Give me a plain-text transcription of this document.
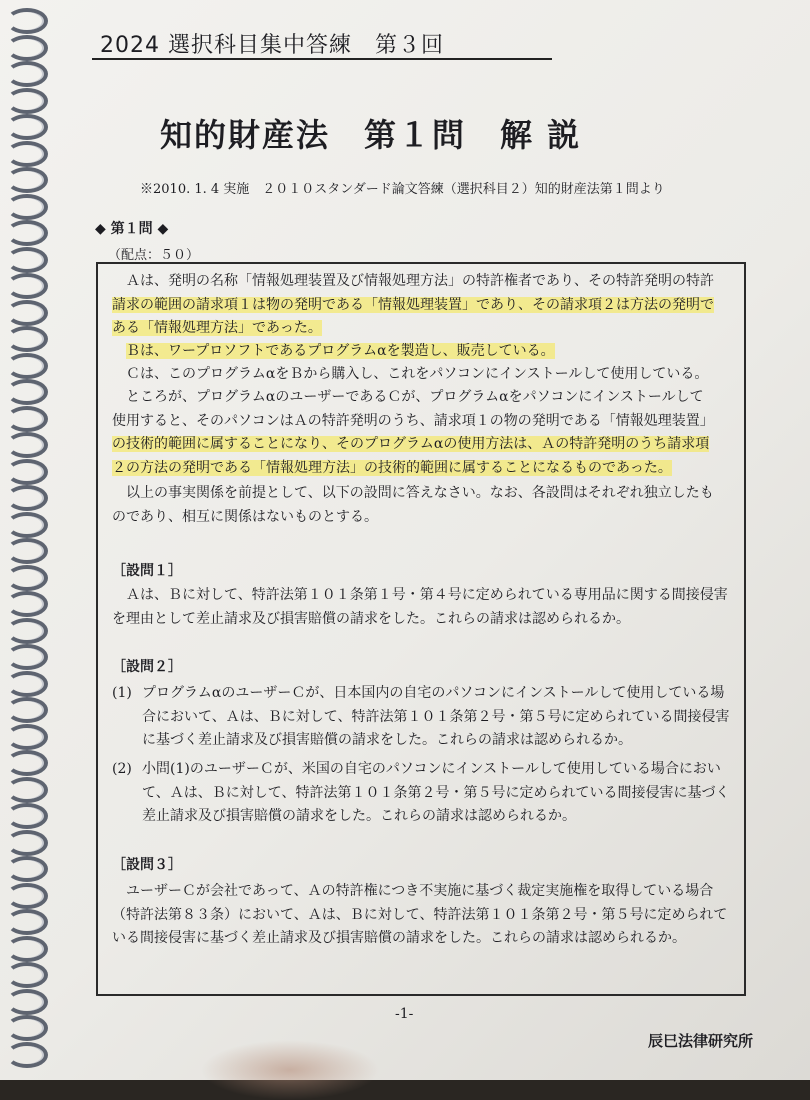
2024 選択科目集中答練　第３回
知的財産法　第１問　解 説
※2010. 1. 4 実施　２０１０スタンダード論文答練（選択科目２）知的財産法第１問より
◆ 第１問 ◆
（配点：５０）

Ａは、発明の名称「情報処理装置及び情報処理方法」の特許権者であり、その特許発明の特許
請求の範囲の請求項１は物の発明である「情報処理装置」であり、その請求項２は方法の発明で
ある「情報処理方法」であった。

Ｂは、ワープロソフトであるプログラムαを製造し、販売している。

Ｃは、このプログラムαをＢから購入し、これをパソコンにインストールして使用している。

ところが、プログラムαのユーザーであるＣが、プログラムαをパソコンにインストールして
使用すると、そのパソコンはＡの特許発明のうち、請求項１の物の発明である「情報処理装置」
の技術的範囲に属することになり、そのプログラムαの使用方法は、Ａの特許発明のうち請求項
２の方法の発明である「情報処理方法」の技術的範囲に属することになるものであった。

以上の事実関係を前提として、以下の設問に答えなさい。なお、各設問はそれぞれ独立したも
のであり、相互に関係はないものとする。

［設問１］

Ａは、Ｂに対して、特許法第１０１条第１号・第４号に定められている専用品に関する間接侵害を理由として差止請求及び損害賠償の請求をした。これらの請求は認められるか。

［設問２］
(1) プログラムαのユーザーＣが、日本国内の自宅のパソコンにインストールして使用している場合において、Ａは、Ｂに対して、特許法第１０１条第２号・第５号に定められている間接侵害に基づく差止請求及び損害賠償の請求をした。これらの請求は認められるか。
(2) 小問(1)のユーザーＣが、米国の自宅のパソコンにインストールして使用している場合において、Ａは、Ｂに対して、特許法第１０１条第２号・第５号に定められている間接侵害に基づく差止請求及び損害賠償の請求をした。これらの請求は認められるか。
［設問３］

ユーザーＣが会社であって、Ａの特許権につき不実施に基づく裁定実施権を取得している場合（特許法第８３条）において、Ａは、Ｂに対して、特許法第１０１条第２号・第５号に定められている間接侵害に基づく差止請求及び損害賠償の請求をした。これらの請求は認められるか。

-1-
辰巳法律研究所
